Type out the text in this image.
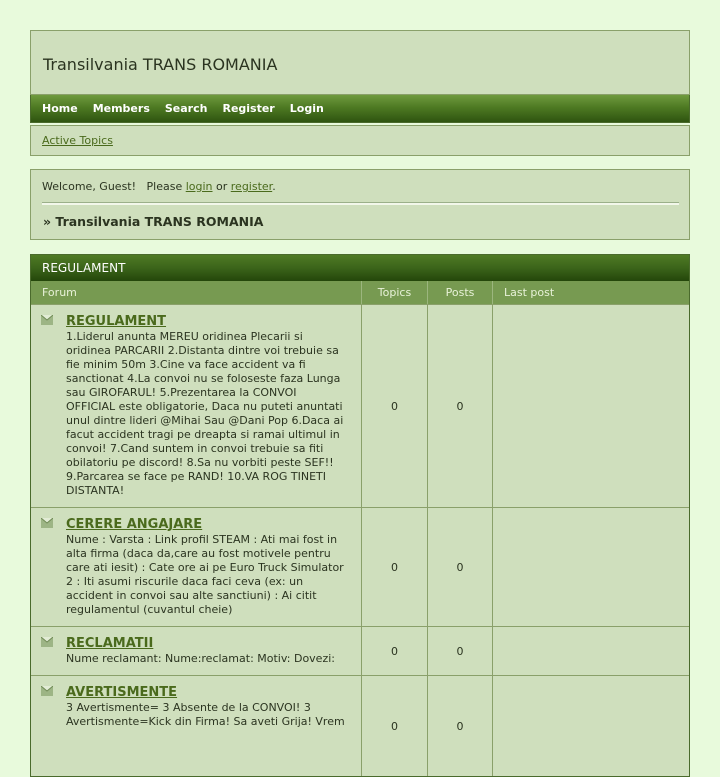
Transilvania TRANS ROMANIA
Home Members Search Register Login
Active Topics
Welcome, Guest!   Please login or register.
» Transilvania TRANS ROMANIA
REGULAMENT
Forum	Topics	Posts	Last post
REGULAMENT
1.Liderul anunta MEREU oridinea Plecarii si oridinea PARCARII 2.Distanta dintre voi trebuie sa fie minim 50m 3.Cine va face accident va fi sanctionat 4.La convoi nu se foloseste faza Lunga sau GIROFARUL! 5.Prezentarea la CONVOI OFFICIAL este obligatorie, Daca nu puteti anuntati unul dintre lideri @Mihai Sau @Dani Pop 6.Daca ai facut accident tragi pe dreapta si ramai ultimul in convoi! 7.Cand suntem in convoi trebuie sa fiti obilatoriu pe discord! 8.Sa nu vorbiti peste SEF!! 9.Parcarea se face pe RAND! 10.VA ROG TINETI DISTANTA!
0	0
CERERE ANGAJARE
Nume : Varsta : Link profil STEAM : Ati mai fost in alta firma (daca da,care au fost motivele pentru care ati iesit) : Cate ore ai pe Euro Truck Simulator 2 : Iti asumi riscurile daca faci ceva (ex: un accident in convoi sau alte sanctiuni) : Ai citit regulamentul (cuvantul cheie)
0	0
RECLAMATII
Nume reclamant: Nume:reclamat: Motiv: Dovezi:
0	0
AVERTISMENTE
3 Avertismente= 3 Absente de la CONVOI! 3 Avertismente=Kick din Firma! Sa aveti Grija! Vrem	0	0
